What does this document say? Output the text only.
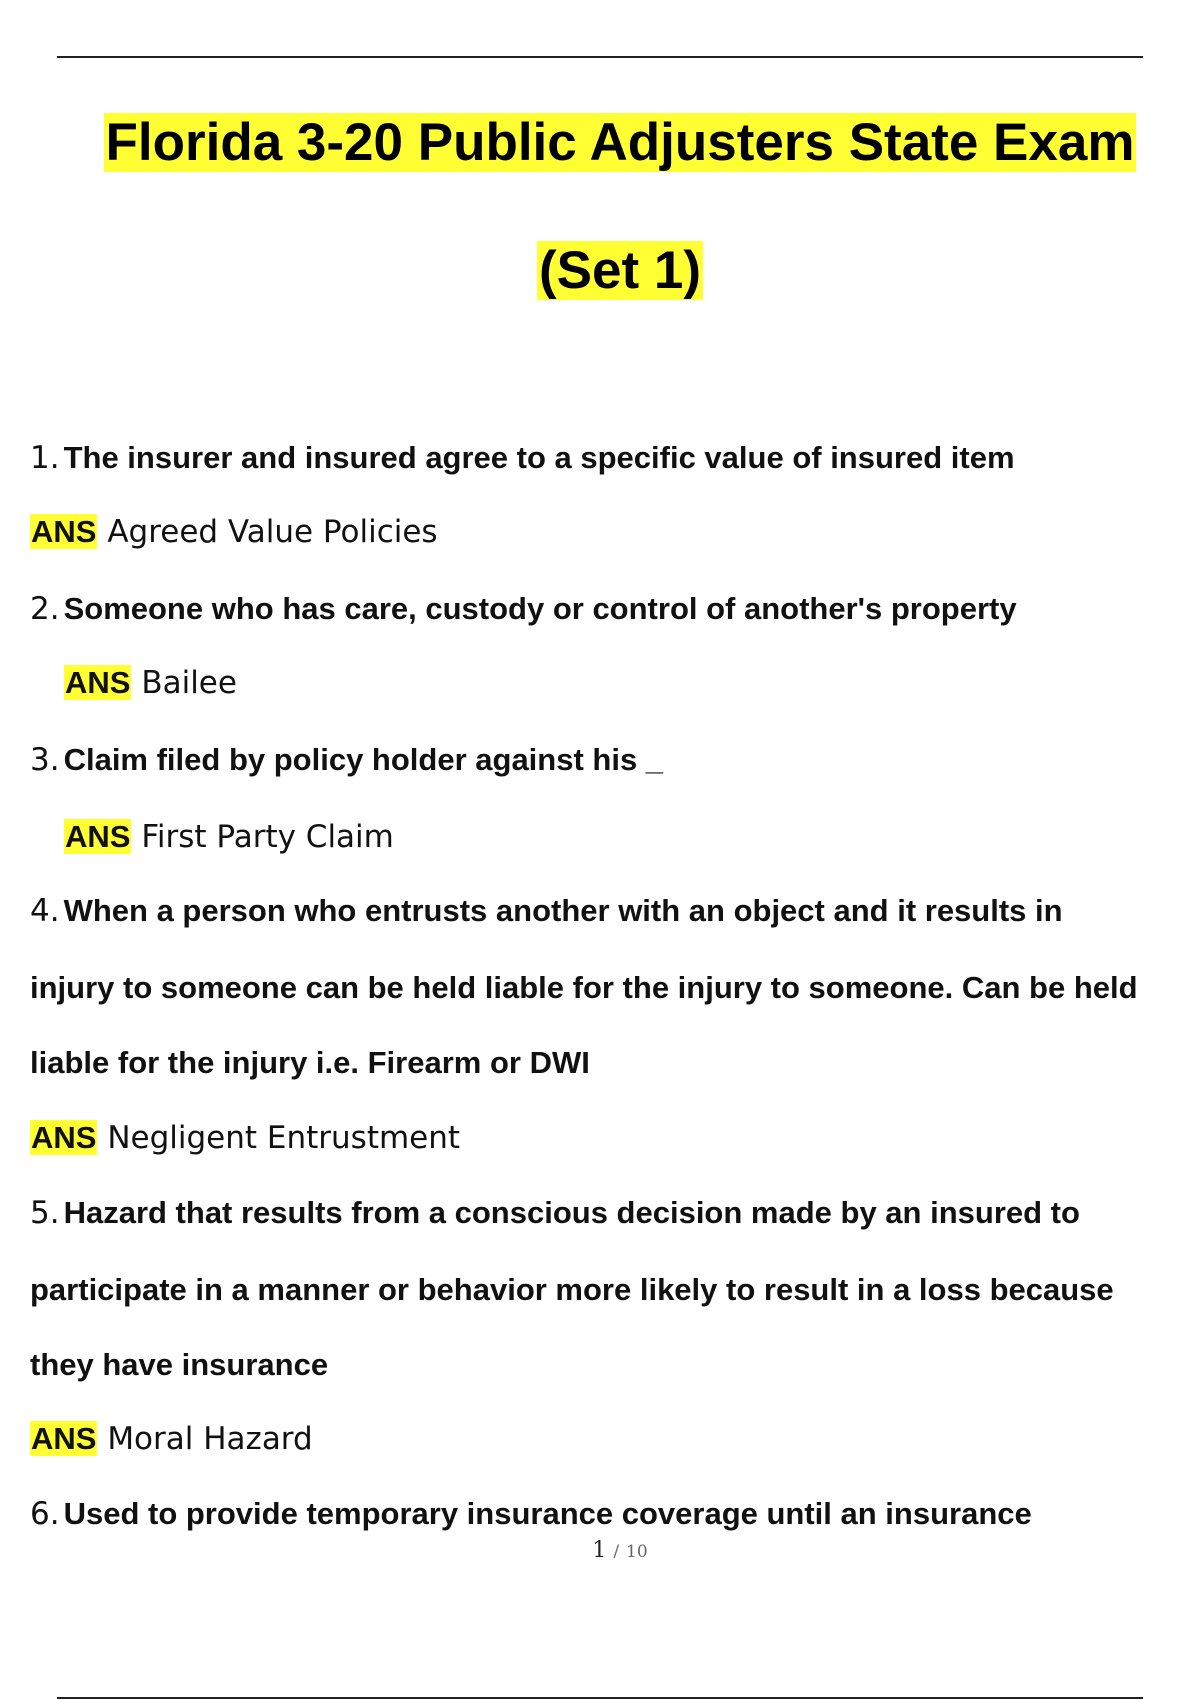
Florida 3-20 Public Adjusters State Exam
(Set 1)
1. The insurer and insured agree to a specific value of insured item
ANS Agreed Value Policies
2. Someone who has care, custody or control of another's property
ANS Bailee
3. Claim filed by policy holder against his _
ANS First Party Claim
4. When a person who entrusts another with an object and it results in
injury to someone can be held liable for the injury to someone. Can be held
liable for the injury i.e. Firearm or DWI
ANS Negligent Entrustment
5. Hazard that results from a conscious decision made by an insured to
participate in a manner or behavior more likely to result in a loss because
they have insurance
ANS Moral Hazard
6. Used to provide temporary insurance coverage until an insurance
1 / 10
